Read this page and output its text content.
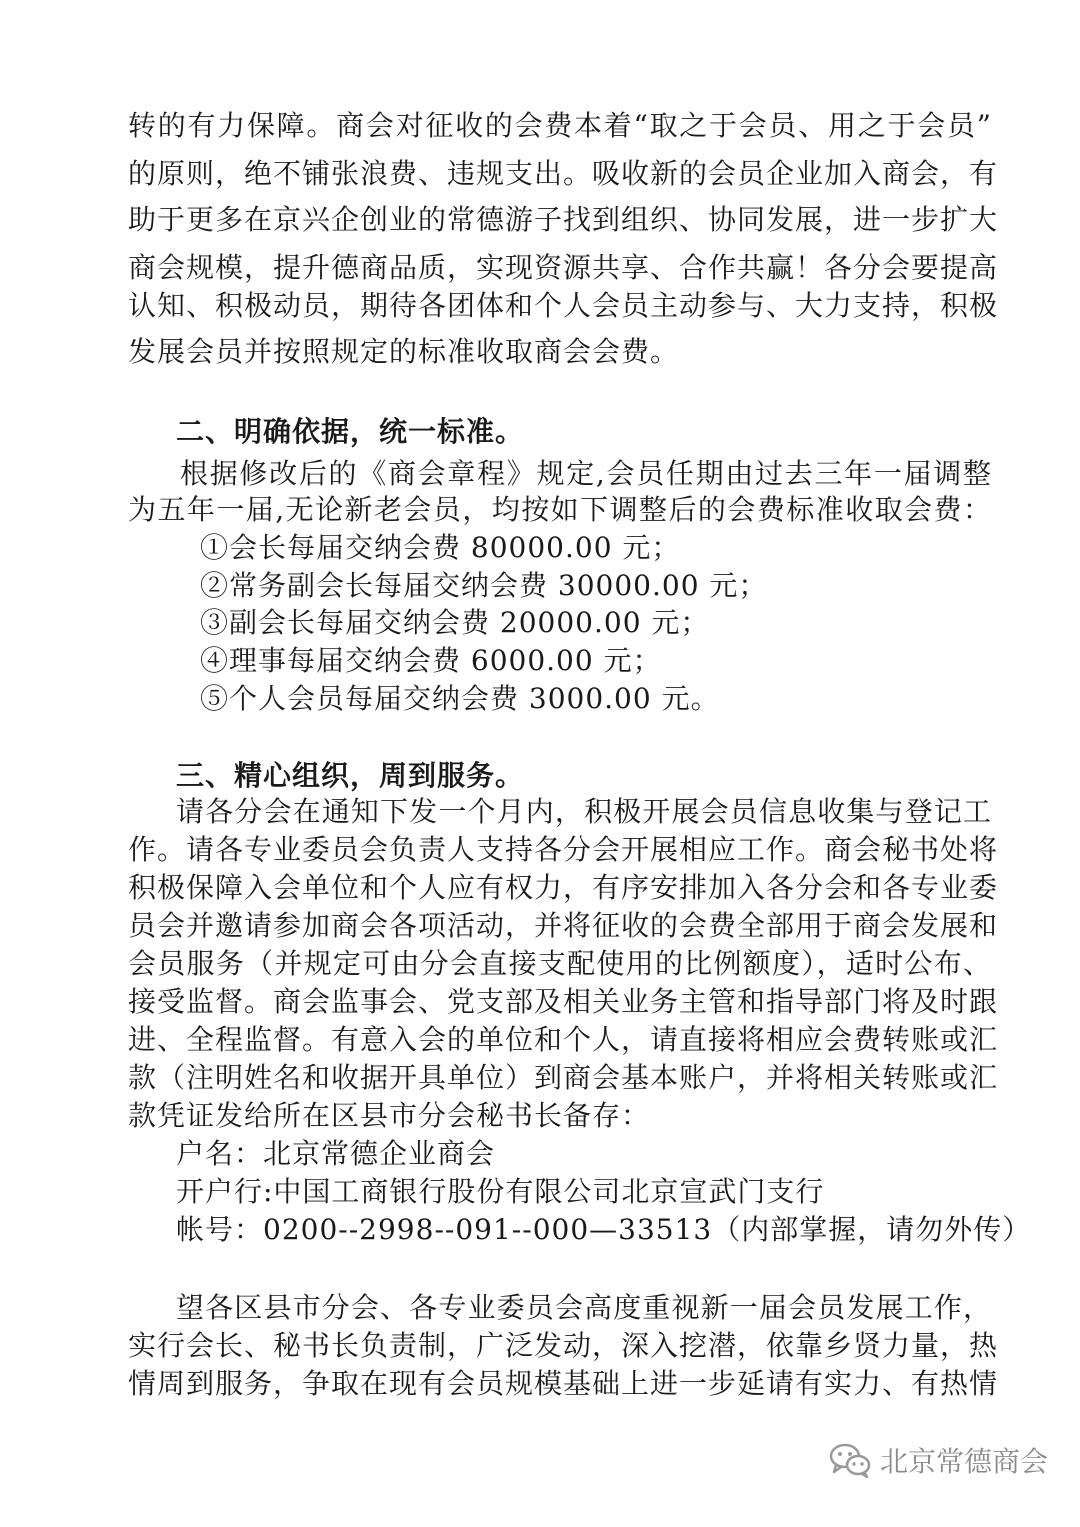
转的有力保障。商会对征收的会费本着“取之于会员、用之于会员”
的原则，绝不铺张浪费、违规支出。吸收新的会员企业加入商会，有
助于更多在京兴企创业的常德游子找到组织、协同发展，进一步扩大
商会规模，提升德商品质，实现资源共享、合作共赢！各分会要提高
认知、积极动员，期待各团体和个人会员主动参与、大力支持，积极
发展会员并按照规定的标准收取商会会费。
二、明确依据，统一标准。
根据修改后的《商会章程》规定,会员任期由过去三年一届调整
为五年一届,无论新老会员，均按如下调整后的会费标准收取会费：
①会长每届交纳会费 80000.00 元；
②常务副会长每届交纳会费 30000.00 元；
③副会长每届交纳会费 20000.00 元；
④理事每届交纳会费 6000.00 元；
⑤个人会员每届交纳会费 3000.00 元。
三、精心组织，周到服务。
请各分会在通知下发一个月内，积极开展会员信息收集与登记工
作。请各专业委员会负责人支持各分会开展相应工作。商会秘书处将
积极保障入会单位和个人应有权力，有序安排加入各分会和各专业委
员会并邀请参加商会各项活动，并将征收的会费全部用于商会发展和
会员服务（并规定可由分会直接支配使用的比例额度），适时公布、
接受监督。商会监事会、党支部及相关业务主管和指导部门将及时跟
进、全程监督。有意入会的单位和个人，请直接将相应会费转账或汇
款（注明姓名和收据开具单位）到商会基本账户，并将相关转账或汇
款凭证发给所在区县市分会秘书长备存：
户名：北京常德企业商会
开户行:中国工商银行股份有限公司北京宣武门支行
帐号：0200--2998--091--000—33513（内部掌握，请勿外传）
望各区县市分会、各专业委员会高度重视新一届会员发展工作，
实行会长、秘书长负责制，广泛发动，深入挖潜，依靠乡贤力量，热
情周到服务，争取在现有会员规模基础上进一步延请有实力、有热情
北京常德商会
